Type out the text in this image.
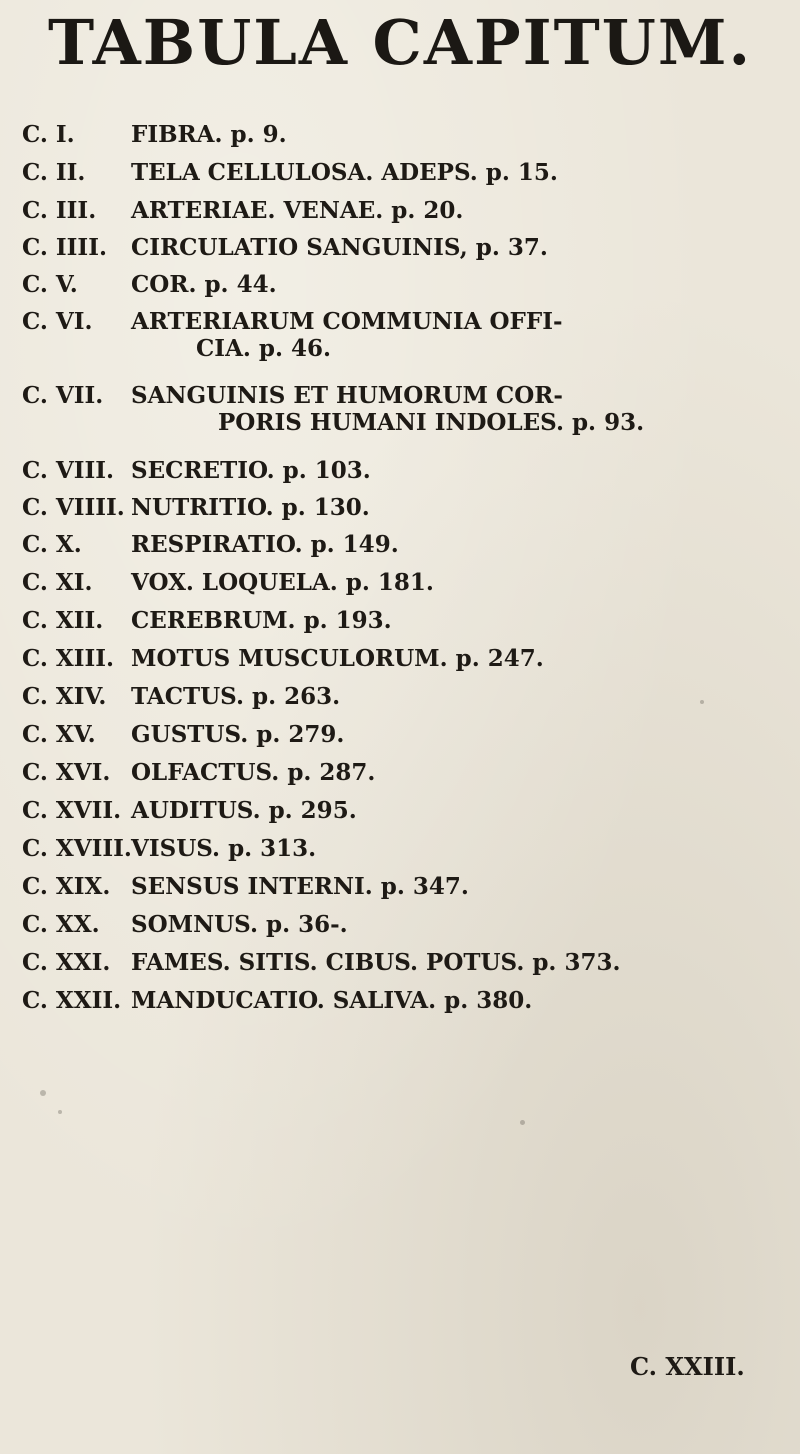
TABULA CAPITUM.
C. I. FIBRA. p. 9.
C. II. TELA CELLULOSA. ADEPS. p. 15.
C. III. ARTERIAE. VENAE. p. 20.
C. IIII. CIRCULATIO SANGUINIS, p. 37.
C. V. COR. p. 44.
C. VI. ARTERIARUM COMMUNIA OFFI-
CIA. p. 46.
C. VII. SANGUINIS ET HUMORUM COR-
PORIS HUMANI INDOLES. p. 93.
C. VIII. SECRETIO. p. 103.
C. VIIII. NUTRITIO. p. 130.
C. X. RESPIRATIO. p. 149.
C. XI. VOX. LOQUELA. p. 181.
C. XII. CEREBRUM. p. 193.
C. XIII. MOTUS MUSCULORUM. p. 247.
C. XIV. TACTUS. p. 263.
C. XV. GUSTUS. p. 279.
C. XVI. OLFACTUS. p. 287.
C. XVII. AUDITUS. p. 295.
C. XVIII. VISUS. p. 313.
C. XIX. SENSUS INTERNI. p. 347.
C. XX. SOMNUS. p. 36-.
C. XXI. FAMES. SITIS. CIBUS. POTUS. p. 373.
C. XXII. MANDUCATIO. SALIVA. p. 380.
C. XXIII.
